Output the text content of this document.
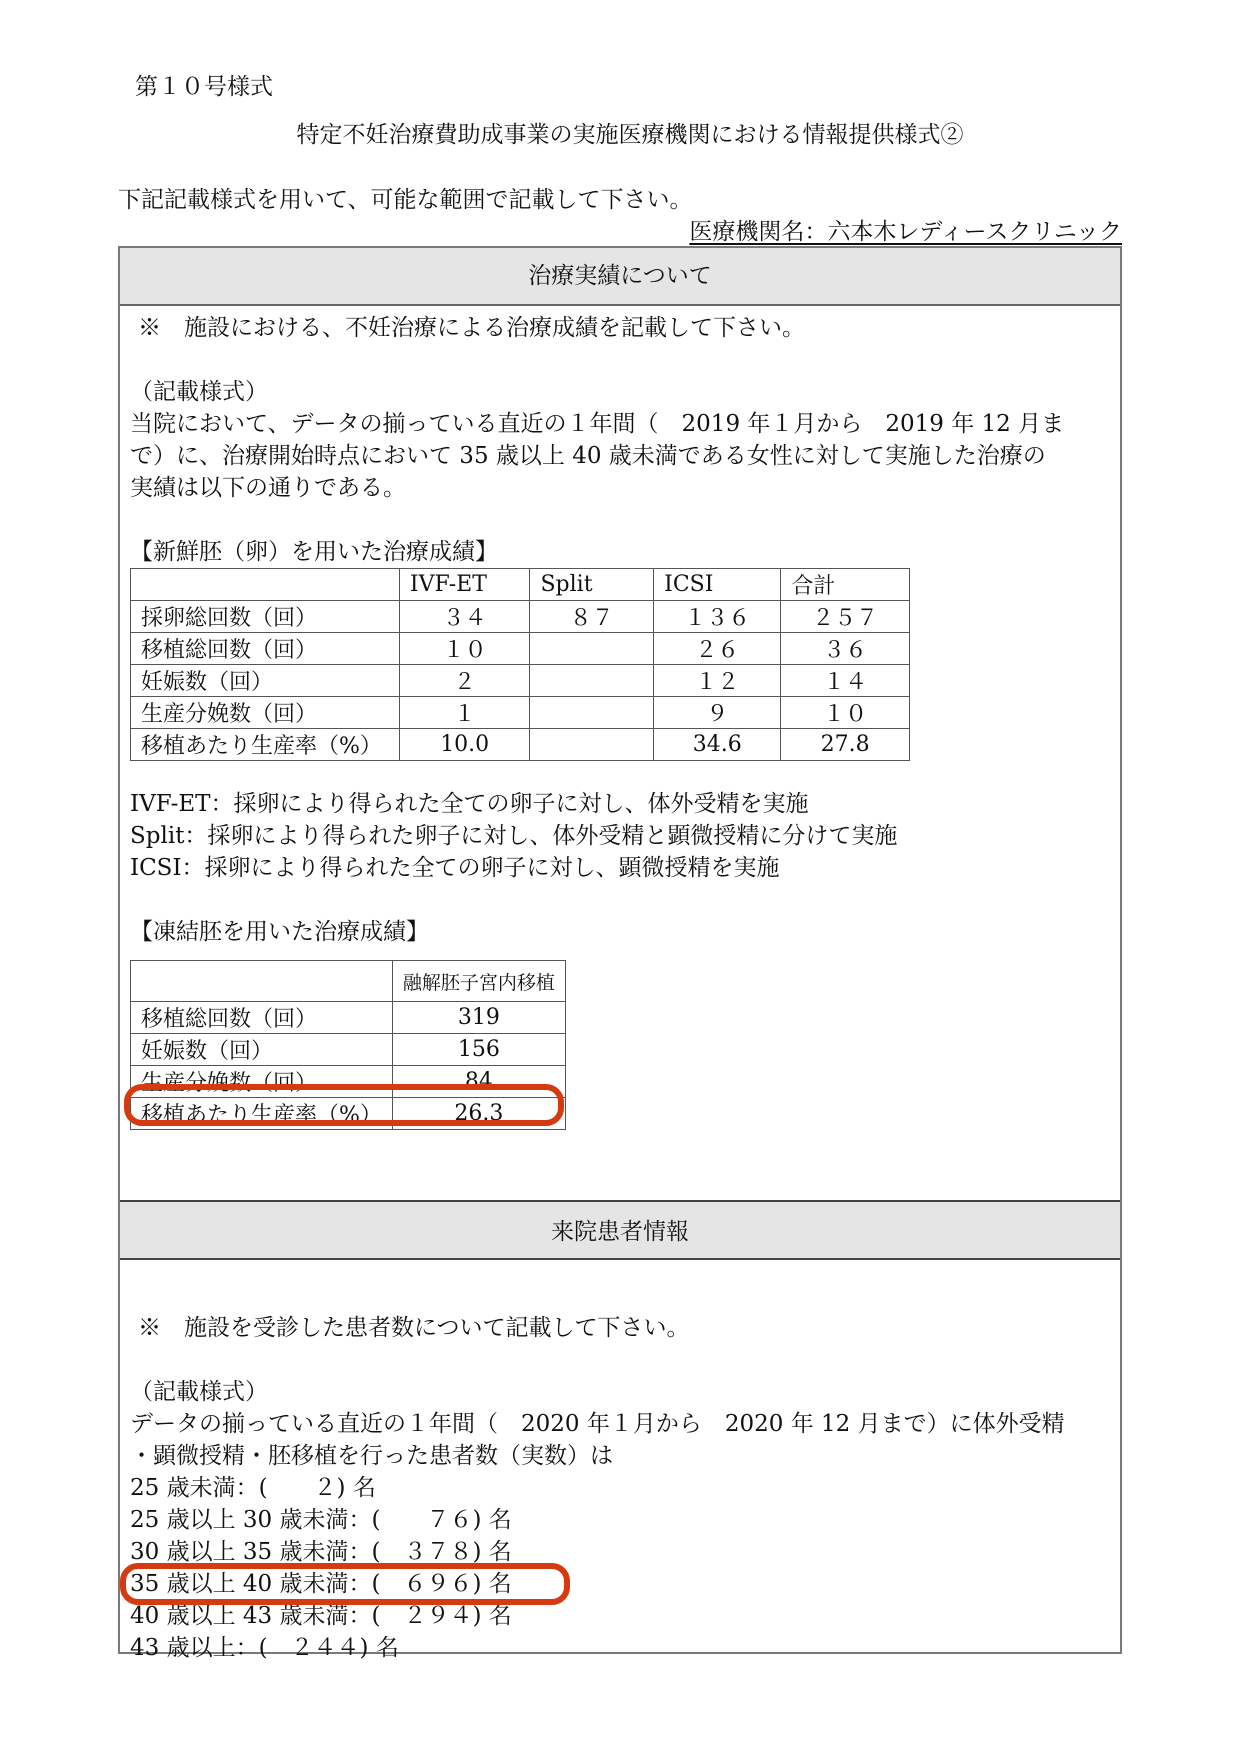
第１０号様式
特定不妊治療費助成事業の実施医療機関における情報提供様式②
下記記載様式を用いて、可能な範囲で記載して下さい。
医療機関名：六本木レディースクリニック
治療実績について
※　施設における、不妊治療による治療成績を記載して下さい。
（記載様式）
当院において、データの揃っている直近の１年間（　2019 年１月から　2019 年 12 月ま
で）に、治療開始時点において 35 歳以上 40 歳未満である女性に対して実施した治療の
実績は以下の通りである。
【新鮮胚（卵）を用いた治療成績】
	IVF-ET	Split	ICSI	合計
採卵総回数（回）	３４	８７	１３６	２５７
移植総回数（回）	１０		２６	３６
妊娠数（回）	２		１２	１４
生産分娩数（回）	１		９	１０
移植あたり生産率（%）	10.0		34.6	27.8
IVF-ET：採卵により得られた全ての卵子に対し、体外受精を実施
Split：採卵により得られた卵子に対し、体外受精と顕微授精に分けて実施
ICSI：採卵により得られた全ての卵子に対し、顕微授精を実施
【凍結胚を用いた治療成績】
	融解胚子宮内移植
移植総回数（回）	319
妊娠数（回）	156
生産分娩数（回）	84
移植あたり生産率（%）	26.3
来院患者情報
※　施設を受診した患者数について記載して下さい。
（記載様式）
データの揃っている直近の１年間（　2020 年１月から　2020 年 12 月まで）に体外受精
・顕微授精・胚移植を行った患者数（実数）は
25 歳未満：(　　２) 名
25 歳以上 30 歳未満：(　　７６) 名
30 歳以上 35 歳未満：(　３７８) 名
35 歳以上 40 歳未満：(　６９６) 名
40 歳以上 43 歳未満：(　２９４) 名
43 歳以上：(　２４４) 名
